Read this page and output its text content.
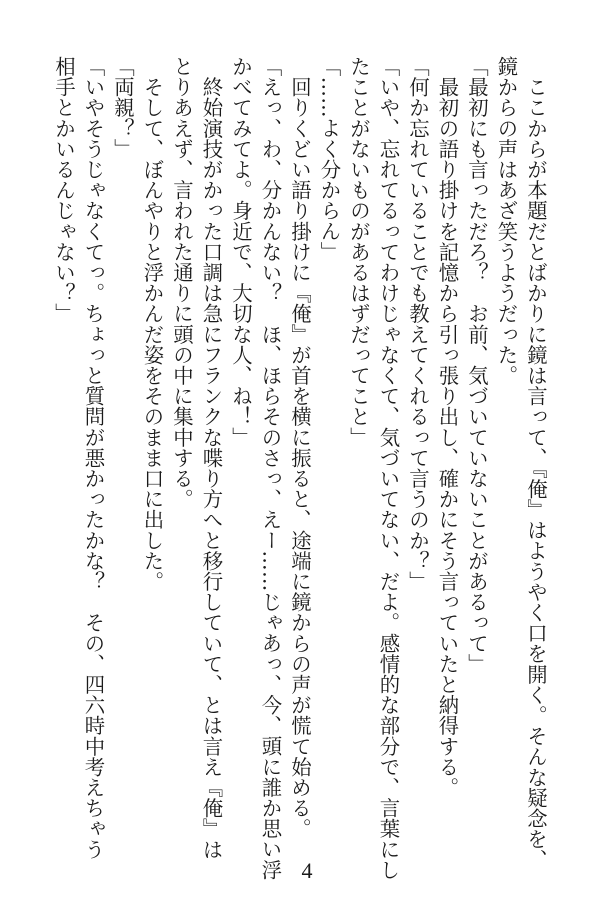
　ここからが本題だとばかりに鏡は言って、『俺』はようやく口を開く。そんな疑念を、
鏡からの声はあざ笑うようだった。
「最初にも言っただろ？　お前、気づいていないことがあるって」
　最初の語り掛けを記憶から引っ張り出し、確かにそう言っていたと納得する。
「何か忘れていることでも教えてくれるって言うのか？」
「いや、忘れてるってわけじゃなくて、気づいてない、だよ。感情的な部分で、言葉にし
たことがないものがあるはずだってこと」
「……よく分からん」
　回りくどい語り掛けに『俺』が首を横に振ると、途端に鏡からの声が慌て始める。
「えっ、わ、分かんない？　ほ、ほらそのさっ、えー……じゃあっ、今、頭に誰か思い浮
かべてみてよ。身近で、大切な人、ね！」
　終始演技がかった口調は急にフランクな喋り方へと移行していて、とは言え『俺』は
とりあえず、言われた通りに頭の中に集中する。
　そして、ぼんやりと浮かんだ姿をそのまま口に出した。
「両親？」
「いやそうじゃなくてっ。ちょっと質問が悪かったかな？　その、四六時中考えちゃう
相手とかいるんじゃない？」
4
